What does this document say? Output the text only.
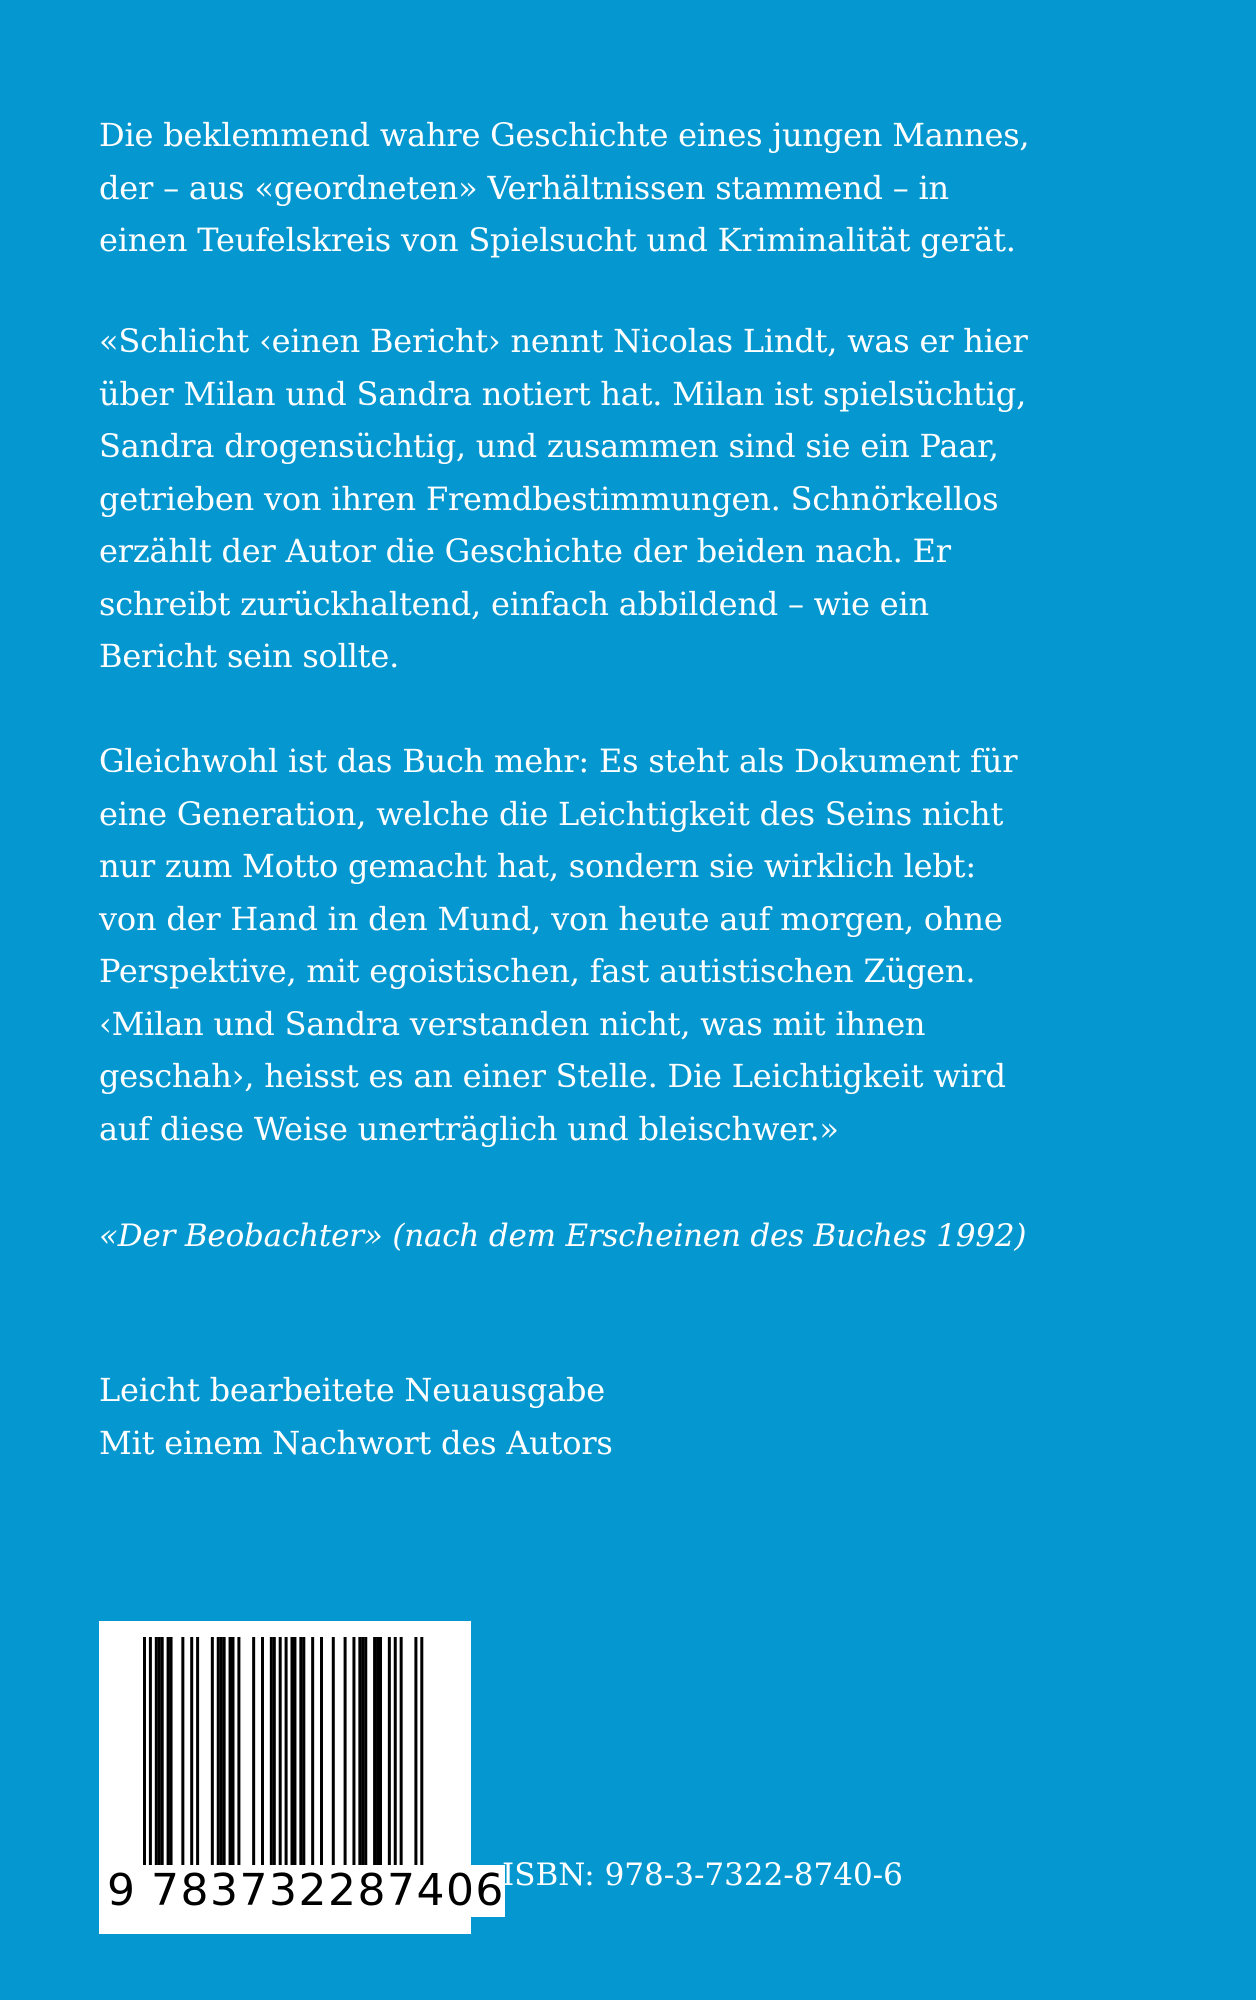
Die beklemmend wahre Geschichte eines jungen Mannes,
der – aus «geordneten» Verhältnissen stammend – in
einen Teufelskreis von Spielsucht und Kriminalität gerät.
«Schlicht ‹einen Bericht› nennt Nicolas Lindt, was er hier
über Milan und Sandra notiert hat. Milan ist spielsüchtig,
Sandra drogensüchtig, und zusammen sind sie ein Paar,
getrieben von ihren Fremdbestimmungen. Schnörkellos
erzählt der Autor die Geschichte der beiden nach. Er
schreibt zurückhaltend, einfach abbildend – wie ein
Bericht sein sollte.
Gleichwohl ist das Buch mehr: Es steht als Dokument für
eine Generation, welche die Leichtigkeit des Seins nicht
nur zum Motto gemacht hat, sondern sie wirklich lebt:
von der Hand in den Mund, von heute auf morgen, ohne
Perspektive, mit egoistischen, fast autistischen Zügen.
‹Milan und Sandra verstanden nicht, was mit ihnen
geschah›, heisst es an einer Stelle. Die Leichtigkeit wird
auf diese Weise unerträglich und bleischwer.»
«Der Beobachter» (nach dem Erscheinen des Buches 1992)
Leicht bearbeitete Neuausgabe
Mit einem Nachwort des Autors
9 783732287406
ISBN: 978-3-7322-8740-6
